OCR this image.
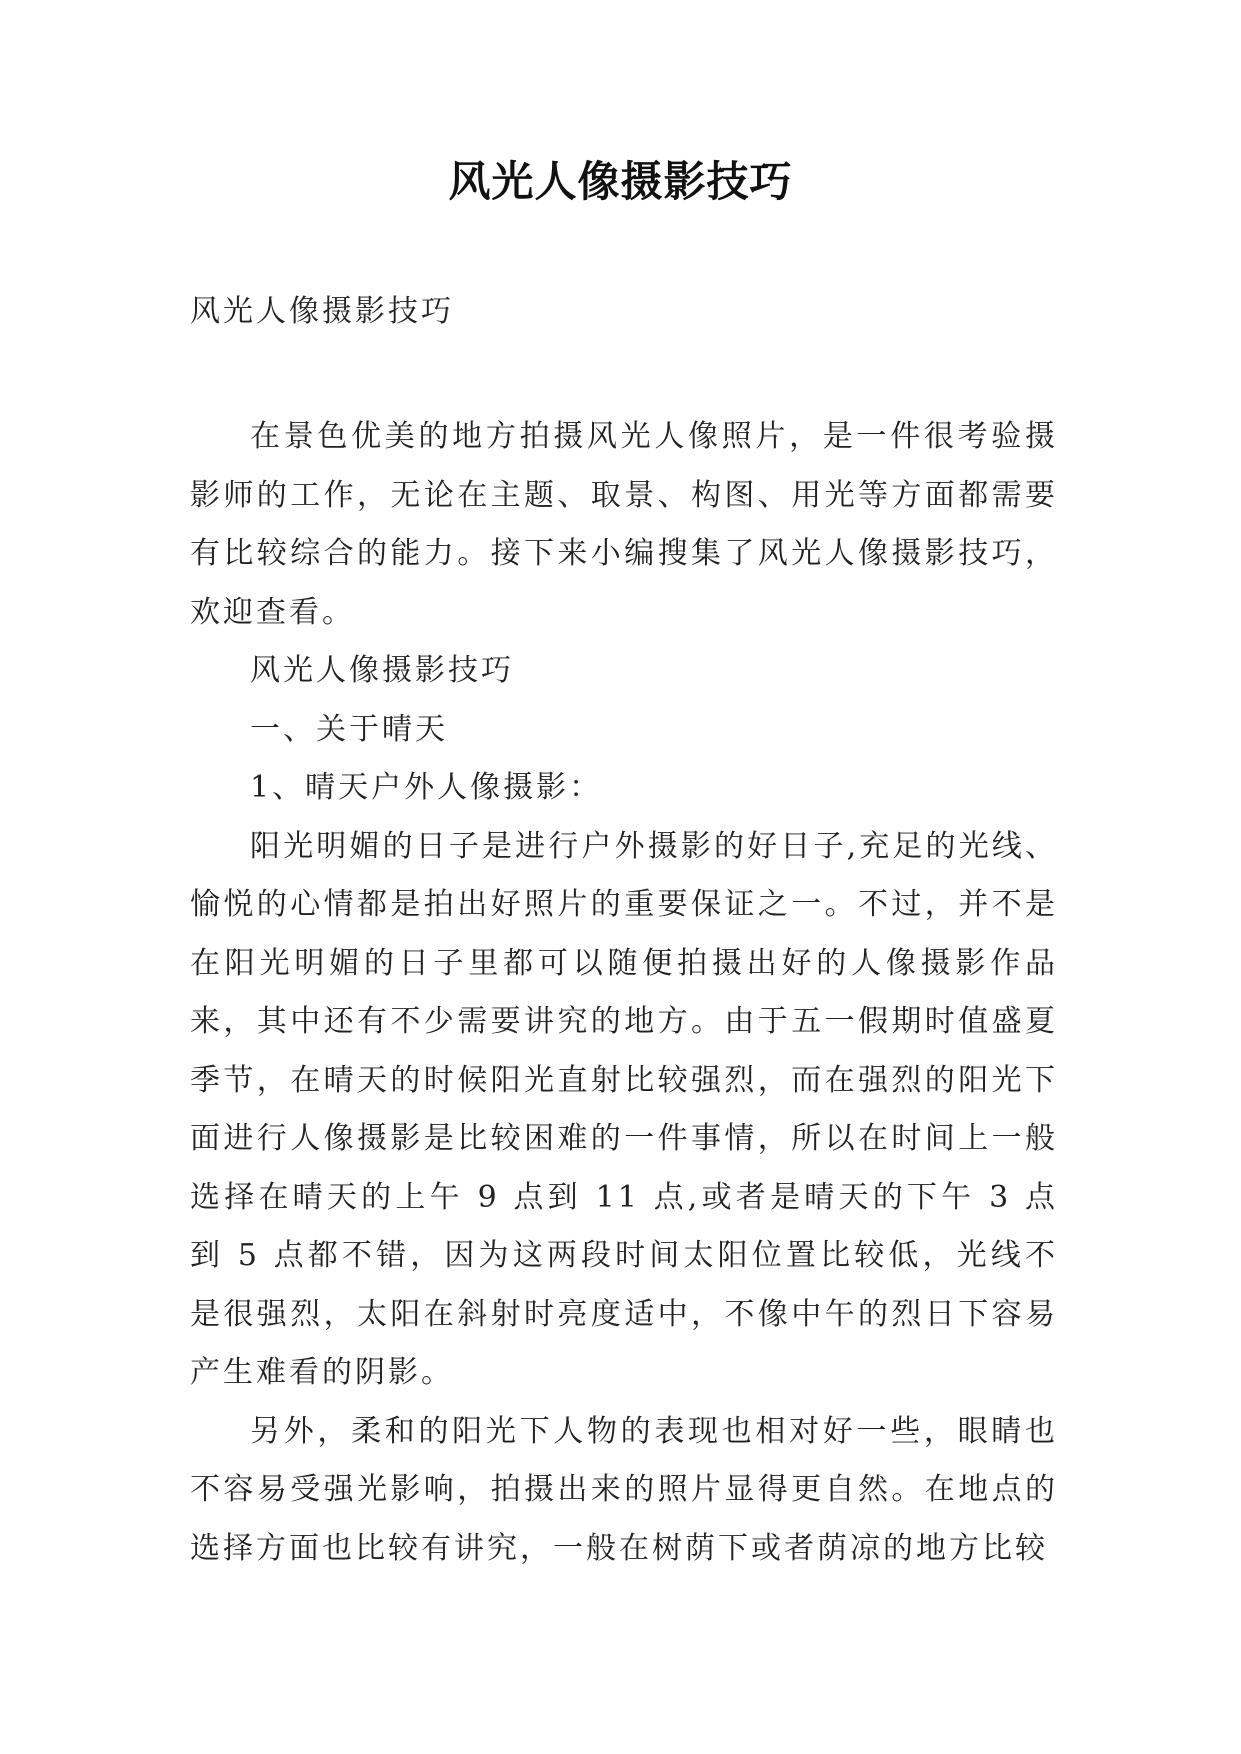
风光人像摄影技巧
风光人像摄影技巧

在景色优美的地方拍摄风光人像照片，是一件很考验摄影师的工作，无论在主题、取景、构图、用光等方面都需要有比较综合的能力。接下来小编搜集了风光人像摄影技巧，欢迎查看。

风光人像摄影技巧

一、关于晴天

1、晴天户外人像摄影：

阳光明媚的日子是进行户外摄影的好日子,充足的光线、愉悦的心情都是拍出好照片的重要保证之一。不过，并不是在阳光明媚的日子里都可以随便拍摄出好的人像摄影作品来，其中还有不少需要讲究的地方。由于五一假期时值盛夏季节，在晴天的时候阳光直射比较强烈，而在强烈的阳光下面进行人像摄影是比较困难的一件事情，所以在时间上一般选择在晴天的上午 9 点到 11 点,或者是晴天的下午 3 点到 5 点都不错，因为这两段时间太阳位置比较低，光线不是很强烈，太阳在斜射时亮度适中，不像中午的烈日下容易产生难看的阴影。

另外，柔和的阳光下人物的表现也相对好一些，眼睛也不容易受强光影响，拍摄出来的照片显得更自然。在地点的选择方面也比较有讲究，一般在树荫下或者荫凉的地方比较
